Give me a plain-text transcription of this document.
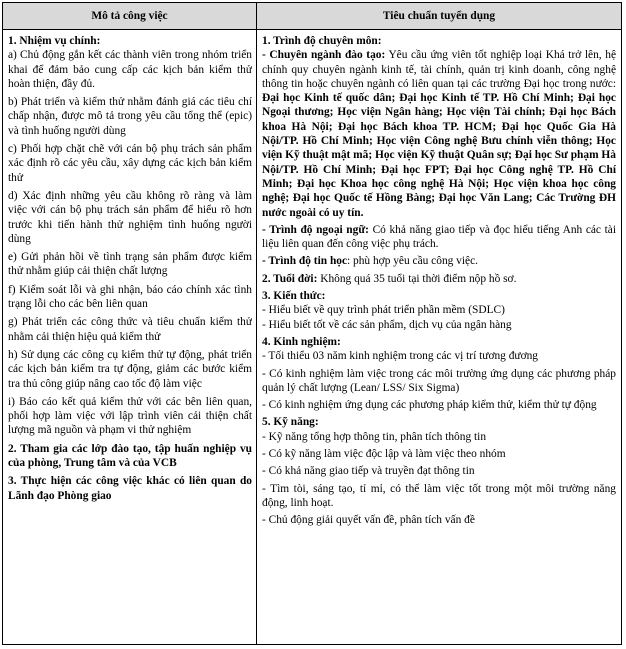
Mô tả công việc	Tiêu chuẩn tuyển dụng

1. Nhiệm vụ chính:

a) Chủ động gắn kết các thành viên trong nhóm triển khai để đảm bảo cung cấp các kịch bản kiểm thử hoàn thiện, đầy đủ.

b) Phát triển và kiểm thử nhằm đánh giá các tiêu chí chấp nhận, được mô tả trong yêu cầu tổng thể (epic) và tình huống người dùng

c) Phối hợp chặt chẽ với cán bộ phụ trách sản phẩm xác định rõ các yêu cầu, xây dựng các kịch bản kiểm thử

d) Xác định những yêu cầu không rõ ràng và làm việc với cán bộ phụ trách sản phẩm để hiểu rõ hơn trước khi tiến hành thử nghiệm tình huống người dùng

e) Gửi phản hồi về tình trạng sản phẩm được kiểm thử nhằm giúp cải thiện chất lượng

f) Kiểm soát lỗi và ghi nhận, báo cáo chính xác tình trạng lỗi cho các bên liên quan

g) Phát triển các công thức và tiêu chuẩn kiểm thử nhằm cải thiện hiệu quả kiểm thử

h) Sử dụng các công cụ kiểm thử tự động, phát triển các kịch bản kiểm tra tự động, giảm các bước kiểm tra thủ công giúp nâng cao tốc độ làm việc

i) Báo cáo kết quả kiểm thử với các bên liên quan, phối hợp làm việc với lập trình viên cải thiện chất lượng mã nguồn và phạm vi thử nghiệm

2. Tham gia các lớp đào tạo, tập huấn nghiệp vụ của phòng, Trung tâm và của VCB

3. Thực hiện các công việc khác có liên quan do Lãnh đạo Phòng giao

1. Trình độ chuyên môn:

- Chuyên ngành đào tạo: Yêu cầu ứng viên tốt nghiệp loại Khá trở lên, hệ chính quy chuyên ngành kinh tế, tài chính, quản trị kinh doanh, công nghệ thông tin hoặc chuyên ngành có liên quan tại các trường Đại học trong nước: Đại học Kinh tế quốc dân; Đại học Kinh tế TP. Hồ Chí Minh; Đại học Ngoại thương; Học viện Ngân hàng; Học viện Tài chính; Đại học Bách khoa Hà Nội; Đại học Bách khoa TP. HCM; Đại học Quốc Gia Hà Nội/TP. Hồ Chí Minh; Học viện Công nghệ Bưu chính viễn thông; Học viện Kỹ thuật mật mã; Học viện Kỹ thuật Quân sự; Đại học Sư phạm Hà Nội/TP. Hồ Chí Minh; Đại học FPT; Đại học Công nghệ TP. Hồ Chí Minh; Đại học Khoa học công nghệ Hà Nội; Học viện khoa học công nghệ; Đại học Quốc tế Hồng Bàng; Đại học Văn Lang; Các Trường ĐH nước ngoài có uy tín.

- Trình độ ngoại ngữ: Có khả năng giao tiếp và đọc hiểu tiếng Anh các tài liệu liên quan đến công việc phụ trách.

- Trình độ tin học: phù hợp yêu cầu công việc.

2. Tuổi đời: Không quá 35 tuổi tại thời điểm nộp hồ sơ.

3. Kiến thức:

- Hiểu biết về quy trình phát triển phần mềm (SDLC)

- Hiểu biết tốt về các sản phẩm, dịch vụ của ngân hàng

4. Kinh nghiệm:

- Tối thiểu 03 năm kinh nghiệm trong các vị trí tương đương

- Có kinh nghiệm làm việc trong các môi trường ứng dụng các phương pháp quản lý chất lượng (Lean/ LSS/ Six Sigma)

- Có kinh nghiệm ứng dụng các phương pháp kiểm thử, kiểm thử tự động

5. Kỹ năng:

- Kỹ năng tổng hợp thông tin, phân tích thông tin

- Có kỹ năng làm việc độc lập và làm việc theo nhóm

- Có khả năng giao tiếp và truyền đạt thông tin

- Tìm tòi, sáng tạo, tỉ mỉ, có thể làm việc tốt trong một môi trường năng động, linh hoạt.

- Chủ động giải quyết vấn đề, phân tích vấn đề
